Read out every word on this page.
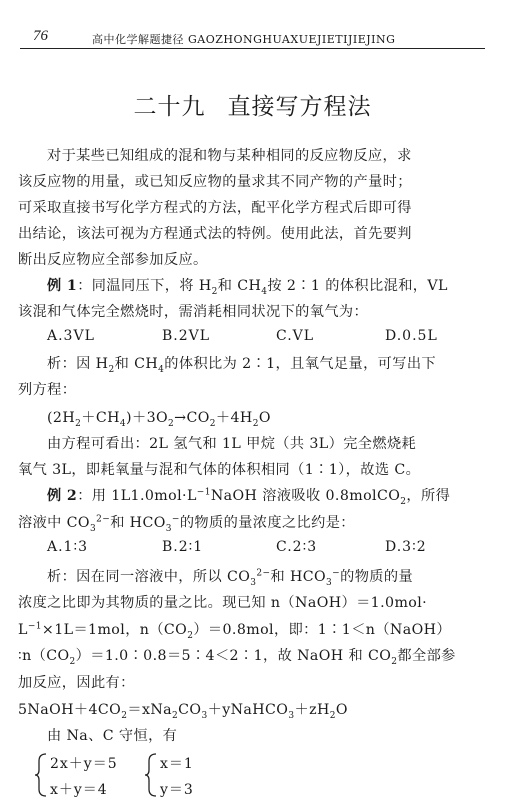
76	高中化学解题捷径 GAOZHONGHUAXUEJIETIJIEJING
二十九 直接写方程法
对于某些已知组成的混和物与某种相同的反应物反应，求
该反应物的用量，或已知反应物的量求其不同产物的产量时；
可采取直接书写化学方程式的方法，配平化学方程式后即可得
出结论，该法可视为方程通式法的特例。使用此法，首先要判
断出反应物应全部参加反应。
例 1：同温同压下，将 $H_2$和 $CH_4$按 2∶1 的体积比混和，VL
该混和气体完全燃烧时，需消耗相同状况下的氧气为：
A.3VL	B.2VL	C.VL	D.0.5L
析：因 $H_2$和 $CH_4$的体积比为 2∶1，且氧气足量，可写出下
列方程：
$(2H_2+CH_4)+3O_2\to CO_2+4H_2O$
由方程可看出：2L 氢气和 1L 甲烷（共 3L）完全燃烧耗
氧气 3L，即耗氧量与混和气体的体积相同（1∶1），故选 C。
例 2：用 $1L1.0mol\cdot L^{-1}NaOH$ 溶液吸收 0.8molCO$_2$，所得
溶液中 $CO_3^{2-}$和 $HCO_3^-$的物质的量浓度之比约是：
A.1∶3	B.2∶1	C.2∶3	D.3∶2
析：因在同一溶液中，所以 $CO_3^{2-}$和 $HCO_3^-$的物质的量
浓度之比即为其物质的量之比。现已知 n（NaOH）＝1.0mol·
$L^{-1}\times 1L=1mol$，$n(CO_2)=0.8mol$，即：1∶1＜n（NaOH）
$∶n(CO_2)=1.0∶0.8=5∶4<2∶1$，故 NaOH 和 $CO_2$都全部参
加反应，因此有：
$5NaOH+4CO_2=xNa_2CO_3+yNaHCO_3+zH_2O$
由 Na、C 守恒，有
2x＋y＝5
x＋y＝4
x＝1
y＝3
